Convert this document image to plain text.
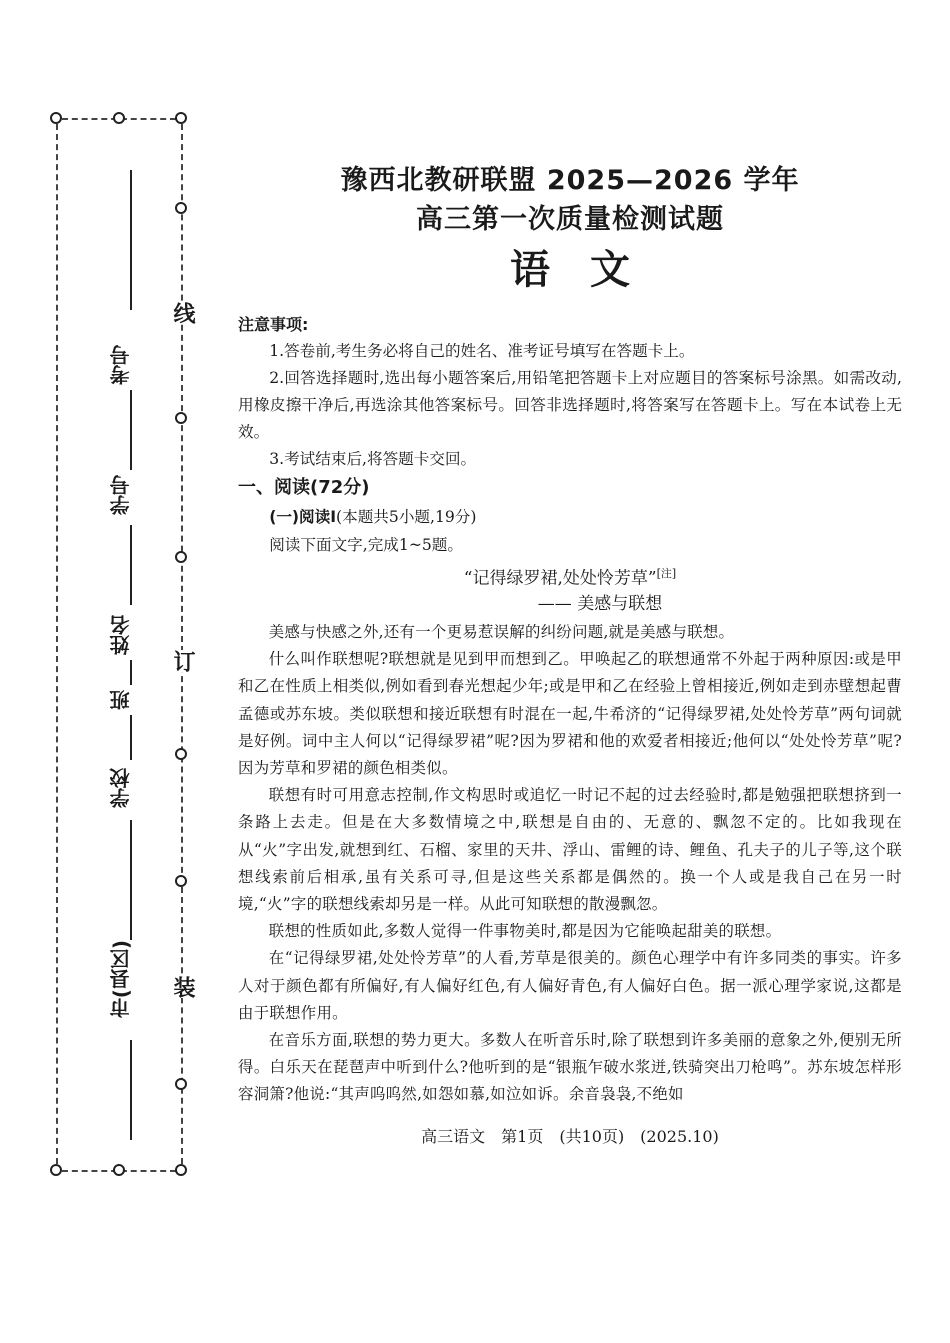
线
订
装
考号
学号
姓名
班
学校
市(县区)
豫西北教研联盟 2025—2026 学年
高三第一次质量检测试题
语文
注意事项:

1.答卷前,考生务必将自己的姓名、准考证号填写在答题卡上。

2.回答选择题时,选出每小题答案后,用铅笔把答题卡上对应题目的答案标号涂黑。如需改动,用橡皮擦干净后,再选涂其他答案标号。回答非选择题时,将答案写在答题卡上。写在本试卷上无效。

3.考试结束后,将答题卡交回。

一、阅读(72分)
(一)阅读Ⅰ(本题共5小题,19分)
阅读下面文字,完成1~5题。
“记得绿罗裙,处处怜芳草”[注]
—— 美感与联想

美感与快感之外,还有一个更易惹误解的纠纷问题,就是美感与联想。

什么叫作联想呢?联想就是见到甲而想到乙。甲唤起乙的联想通常不外起于两种原因:或是甲和乙在性质上相类似,例如看到春光想起少年;或是甲和乙在经验上曾相接近,例如走到赤壁想起曹孟德或苏东坡。类似联想和接近联想有时混在一起,牛希济的“记得绿罗裙,处处怜芳草”两句词就是好例。词中主人何以“记得绿罗裙”呢?因为罗裙和他的欢爱者相接近;他何以“处处怜芳草”呢?因为芳草和罗裙的颜色相类似。

联想有时可用意志控制,作文构思时或追忆一时记不起的过去经验时,都是勉强把联想挤到一条路上去走。但是在大多数情境之中,联想是自由的、无意的、飘忽不定的。比如我现在从“火”字出发,就想到红、石榴、家里的天井、浮山、雷鲤的诗、鲤鱼、孔夫子的儿子等,这个联想线索前后相承,虽有关系可寻,但是这些关系都是偶然的。换一个人或是我自己在另一时境,“火”字的联想线索却另是一样。从此可知联想的散漫飘忽。

联想的性质如此,多数人觉得一件事物美时,都是因为它能唤起甜美的联想。

在“记得绿罗裙,处处怜芳草”的人看,芳草是很美的。颜色心理学中有许多同类的事实。许多人对于颜色都有所偏好,有人偏好红色,有人偏好青色,有人偏好白色。据一派心理学家说,这都是由于联想作用。

在音乐方面,联想的势力更大。多数人在听音乐时,除了联想到许多美丽的意象之外,便别无所得。白乐天在琵琶声中听到什么?他听到的是“银瓶乍破水浆迸,铁骑突出刀枪鸣”。苏东坡怎样形容洞箫?他说:“其声呜呜然,如怨如慕,如泣如诉。余音袅袅,不绝如

高三语文　第1页　(共10页)　(2025.10)
